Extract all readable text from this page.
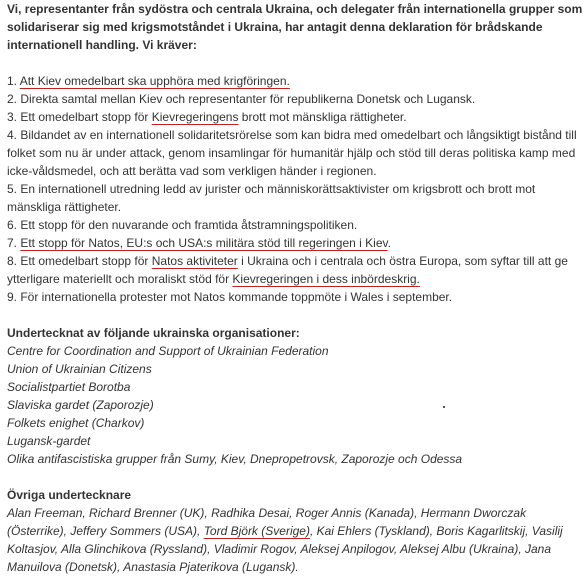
Vi, representanter från sydöstra och centrala Ukraina, och delegater från internationella grupper som solidariserar sig med krigsmotståndet i Ukraina, har antagit denna deklaration för brådskande internationell handling. Vi kräver:

1. Att Kiev omedelbart ska upphöra med krigföringen.
2. Direkta samtal mellan Kiev och representanter för republikerna Donetsk och Lugansk.
3. Ett omedelbart stopp för Kievregeringens brott mot mänskliga rättigheter.
4. Bildandet av en internationell solidaritetsrörelse som kan bidra med omedelbart och långsiktigt bistånd till folket som nu är under attack, genom insamlingar för humanitär hjälp och stöd till deras politiska kamp med icke-våldsmedel, och att berätta vad som verkligen händer i regionen.
5. En internationell utredning ledd av jurister och människorättsaktivister om krigsbrott och brott mot mänskliga rättigheter.
6. Ett stopp för den nuvarande och framtida åtstramningspolitiken.
7. Ett stopp för Natos, EU:s och USA:s militära stöd till regeringen i Kiev.
8. Ett omedelbart stopp för Natos aktiviteter i Ukraina och i centrala och östra Europa, som syftar till att ge ytterligare materiellt och moraliskt stöd för Kievregeringen i dess inbördeskrig.
9. För internationella protester mot Natos kommande toppmöte i Wales i september.

Undertecknat av följande ukrainska organisationer:

Centre for Coordination and Support of Ukrainian Federation

Union of Ukrainian Citizens

Socialistpartiet Borotba

Slaviska gardet (Zaporozje)

Folkets enighet (Charkov)

Lugansk-gardet

Olika antifascistiska grupper från Sumy, Kiev, Dnepropetrovsk, Zaporozje och Odessa

Övriga undertecknare

Alan Freeman, Richard Brenner (UK), Radhika Desai, Roger Annis (Kanada), Hermann Dworczak (Österrike), Jeffery Sommers (USA), Tord Björk (Sverige), Kai Ehlers (Tyskland), Boris Kagarlitskij, Vasilij Koltasjov, Alla Glinchikova (Ryssland), Vladimir Rogov, Aleksej Anpilogov, Aleksej Albu (Ukraina), Jana Manuilova (Donetsk), Anastasia Pjaterikova (Lugansk).
